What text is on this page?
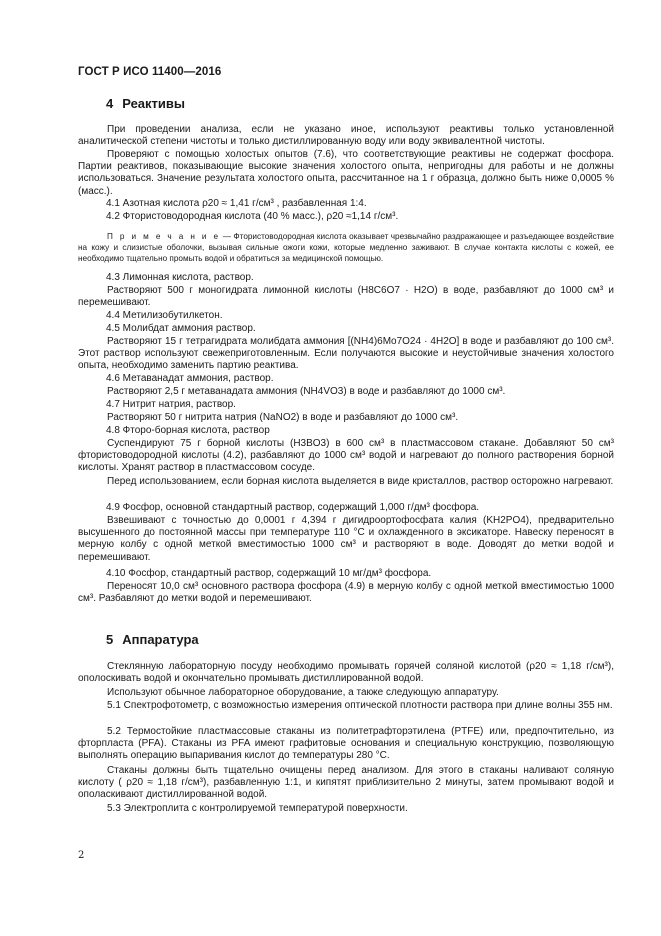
ГОСТ Р ИСО 11400—2016
4 Реактивы
При проведении анализа, если не указано иное, используют реактивы только установленной аналитической степени чистоты и только дистиллированную воду или воду эквивалентной чистоты.
Проверяют с помощью холостых опытов (7.6), что соответствующие реактивы не содержат фосфора. Партии реактивов, показывающие высокие значения холостого опыта, непригодны для работы и не должны использоваться. Значение результата холостого опыта, рассчитанное на 1 г образца, должно быть ниже 0,0005 % (масс.).
4.1 Азотная кислота ρ20 ≈ 1,41 г/см³ , разбавленная 1:4.
4.2 Фтористоводородная кислота (40 % масс.), ρ20 ≈1,14 г/см³.
П р и м е ч а н и е — Фтористоводородная кислота оказывает чрезвычайно раздражающее и разъедающее воздействие на кожу и слизистые оболочки, вызывая сильные ожоги кожи, которые медленно заживают. В случае контакта кислоты с кожей, ее необходимо тщательно промыть водой и обратиться за медицинской помощью.
4.3 Лимонная кислота, раствор.
Растворяют 500 г моногидрата лимонной кислоты (H8C6O7 · H2O) в воде, разбавляют до 1000 см³ и перемешивают.
4.4 Метилизобутилкетон.
4.5 Молибдат аммония раствор.
Растворяют 15 г тетрагидрата молибдата аммония [(NH4)6Mo7O24 · 4H2O] в воде и разбавляют до 100 см³. Этот раствор используют свежеприготовленным. Если получаются высокие и неустойчивые значения холостого опыта, необходимо заменить партию реактива.
4.6 Метаванадат аммония, раствор.
Растворяют 2,5 г метаванадата аммония (NH4VO3) в воде и разбавляют до 1000 см³.
4.7 Нитрит натрия, раствор.
Растворяют 50 г нитрита натрия (NaNO2) в воде и разбавляют до 1000 см³.
4.8 Фторо-борная кислота, раствор
Суспендируют 75 г борной кислоты (H3BO3) в 600 см³ в пластмассовом стакане. Добавляют 50 см³ фтористоводородной кислоты (4.2), разбавляют до 1000 см³ водой и нагревают до полного растворения борной кислоты. Хранят раствор в пластмассовом сосуде.
Перед использованием, если борная кислота выделяется в виде кристаллов, раствор осторожно нагревают.
4.9 Фосфор, основной стандартный раствор, содержащий 1,000 г/дм³ фосфора.
Взвешивают с точностью до 0,0001 г 4,394 г дигидроортофосфата калия (KH2PO4), предварительно высушенного до постоянной массы при температуре 110 °С и охлажденного в эксикаторе. Навеску переносят в мерную колбу с одной меткой вместимостью 1000 см³ и растворяют в воде. Доводят до метки водой и перемешивают.
4.10 Фосфор, стандартный раствор, содержащий 10 мг/дм³ фосфора.
Переносят 10,0 см³ основного раствора фосфора (4.9) в мерную колбу с одной меткой вместимостью 1000 см³. Разбавляют до метки водой и перемешивают.
5 Аппаратура
Стеклянную лабораторную посуду необходимо промывать горячей соляной кислотой (ρ20 ≈ 1,18 г/см³), ополоскивать водой и окончательно промывать дистиллированной водой.
Используют обычное лабораторное оборудование, а также следующую аппаратуру.
5.1 Спектрофотометр, с возможностью измерения оптической плотности раствора при длине волны 355 нм.
5.2 Термостойкие пластмассовые стаканы из политетрафторэтилена (PTFE) или, предпочтительно, из фторпласта (PFA). Стаканы из PFA имеют графитовые основания и специальную конструкцию, позволяющую выполнять операцию выпаривания кислот до температуры 280 °С.
Стаканы должны быть тщательно очищены перед анализом. Для этого в стаканы наливают соляную кислоту ( ρ20 ≈ 1,18 г/см³), разбавленную 1:1, и кипятят приблизительно 2 минуты, затем промывают водой и ополаскивают дистиллированной водой.
5.3 Электроплита с контролируемой температурой поверхности.
2
